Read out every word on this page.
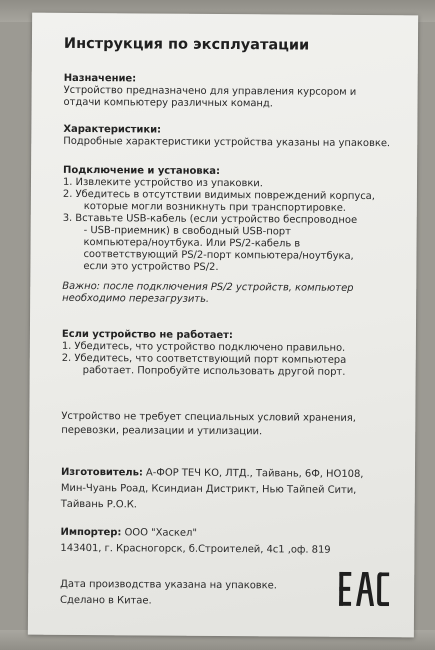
Инструкция по эксплуатации
Назначение:
Устройство предназначено для управления курсором и
отдачи компьютеру различных команд.
Характеристики:
Подробные характеристики устройства указаны на упаковке.
Подключение и установка:
1. Извлеките устройство из упаковки.
2. Убедитесь в отсутствии видимых повреждений корпуса,
которые могли возникнуть при транспортировке.
3. Вставьте USB-кабель (если устройство беспроводное
- USB-приемник) в свободный USB-порт
компьютера/ноутбука. Или PS/2-кабель в
соответствующий PS/2-порт компьютера/ноутбука,
если это устройство PS/2.
Важно: после подключения PS/2 устройств, компьютер
необходимо перезагрузить.
Если устройство не работает:
1. Убедитесь, что устройство подключено правильно.
2. Убедитесь, что соответствующий порт компьютера
работает. Попробуйте использовать другой порт.
Устройство не требует специальных условий хранения,
перевозки, реализации и утилизации.
Изготовитель: А-ФОР ТЕЧ КО, ЛТД., Тайвань, 6Ф, НО108,
Мин-Чуань Роад, Ксиндиан Дистрикт, Нью Тайпей Сити,
Тайвань Р.О.К.
Импортер: ООО "Хаскел"
143401, г. Красногорск, б.Строителей, 4с1 ,оф. 819
Дата производства указана на упаковке.
Сделано в Китае.
